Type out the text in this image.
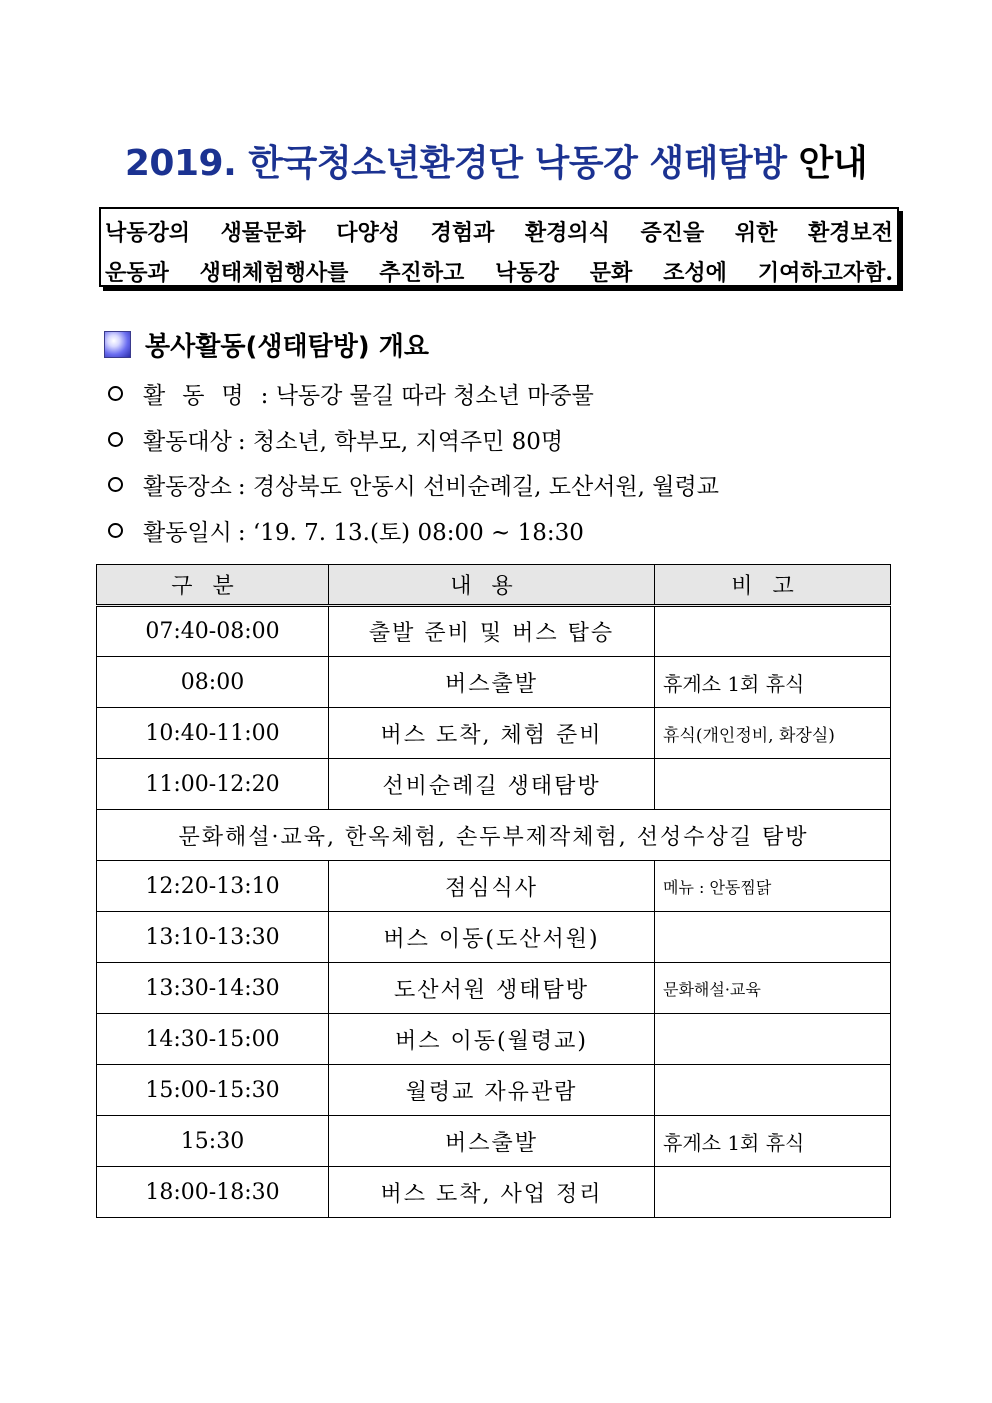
2019. 한국청소년환경단 낙동강 생태탐방 안내
낙동강의 생물문화 다양성 경험과 환경의식 증진을 위한 환경보전
운동과 생태체험행사를 추진하고 낙동강 문화 조성에 기여하고자함.
봉사활동(생태탐방) 개요
활동명 : 낙동강 물길 따라 청소년 마중물
활동대상 : 청소년, 학부모, 지역주민 80명
활동장소 : 경상북도 안동시 선비순례길, 도산서원, 월령교
활동일시 : ‘19. 7. 13.(토) 08:00 ~ 18:30
구분	내용	비고
07:40-08:00	출발 준비 및 버스 탑승	
08:00	버스출발	휴게소 1회 휴식
10:40-11:00	버스 도착, 체험 준비	휴식(개인정비, 화장실)
11:00-12:20	선비순례길 생태탐방	
문화해설·교육, 한옥체험, 손두부제작체험, 선성수상길 탐방		
12:20-13:10	점심식사	메뉴 : 안동찜닭
13:10-13:30	버스 이동(도산서원)	
13:30-14:30	도산서원 생태탐방	문화해설·교육
14:30-15:00	버스 이동(월령교)	
15:00-15:30	월령교 자유관람	
15:30	버스출발	휴게소 1회 휴식
18:00-18:30	버스 도착, 사업 정리	
